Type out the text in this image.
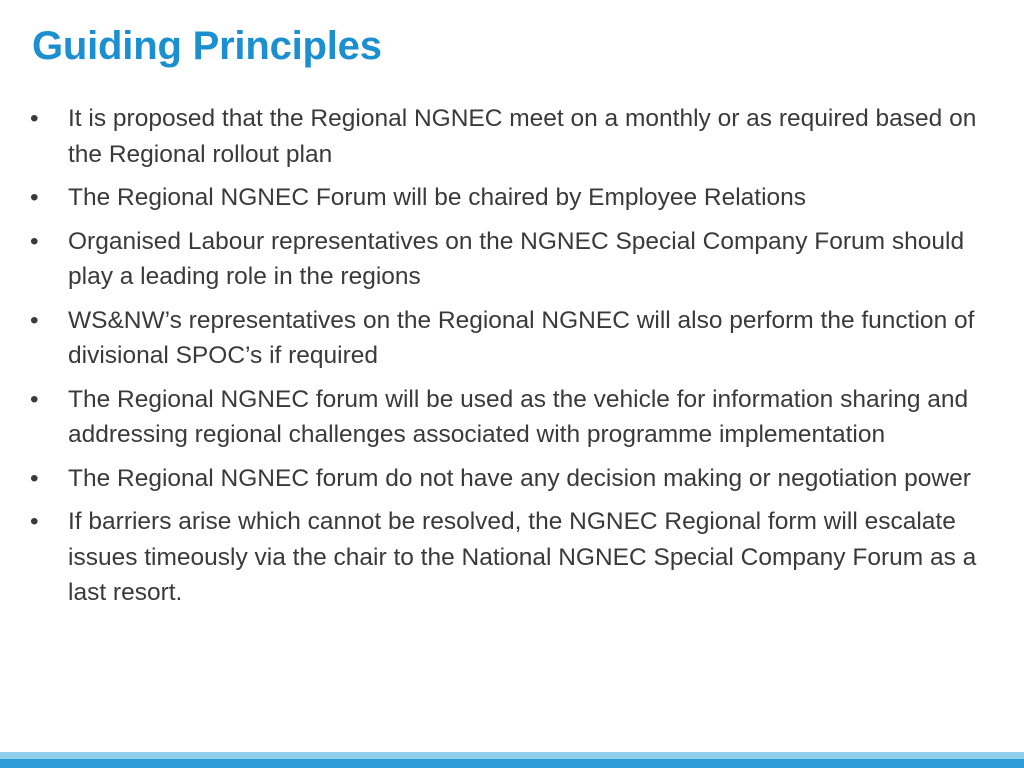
Guiding Principles
• It is proposed that the Regional NGNEC meet on a monthly or as required based on the Regional rollout plan
• The Regional NGNEC Forum will be chaired by Employee Relations
• Organised Labour representatives on the NGNEC Special Company Forum should play a leading role in the regions
• WS&NW’s representatives on the Regional NGNEC will also perform the function of divisional SPOC’s if required
• The Regional NGNEC forum will be used as the vehicle for information sharing and addressing regional challenges associated with programme implementation
• The Regional NGNEC forum do not have any decision making or negotiation power
• If barriers arise which cannot be resolved, the NGNEC Regional form will escalate issues timeously via the chair to the National NGNEC Special Company Forum as a last resort.
